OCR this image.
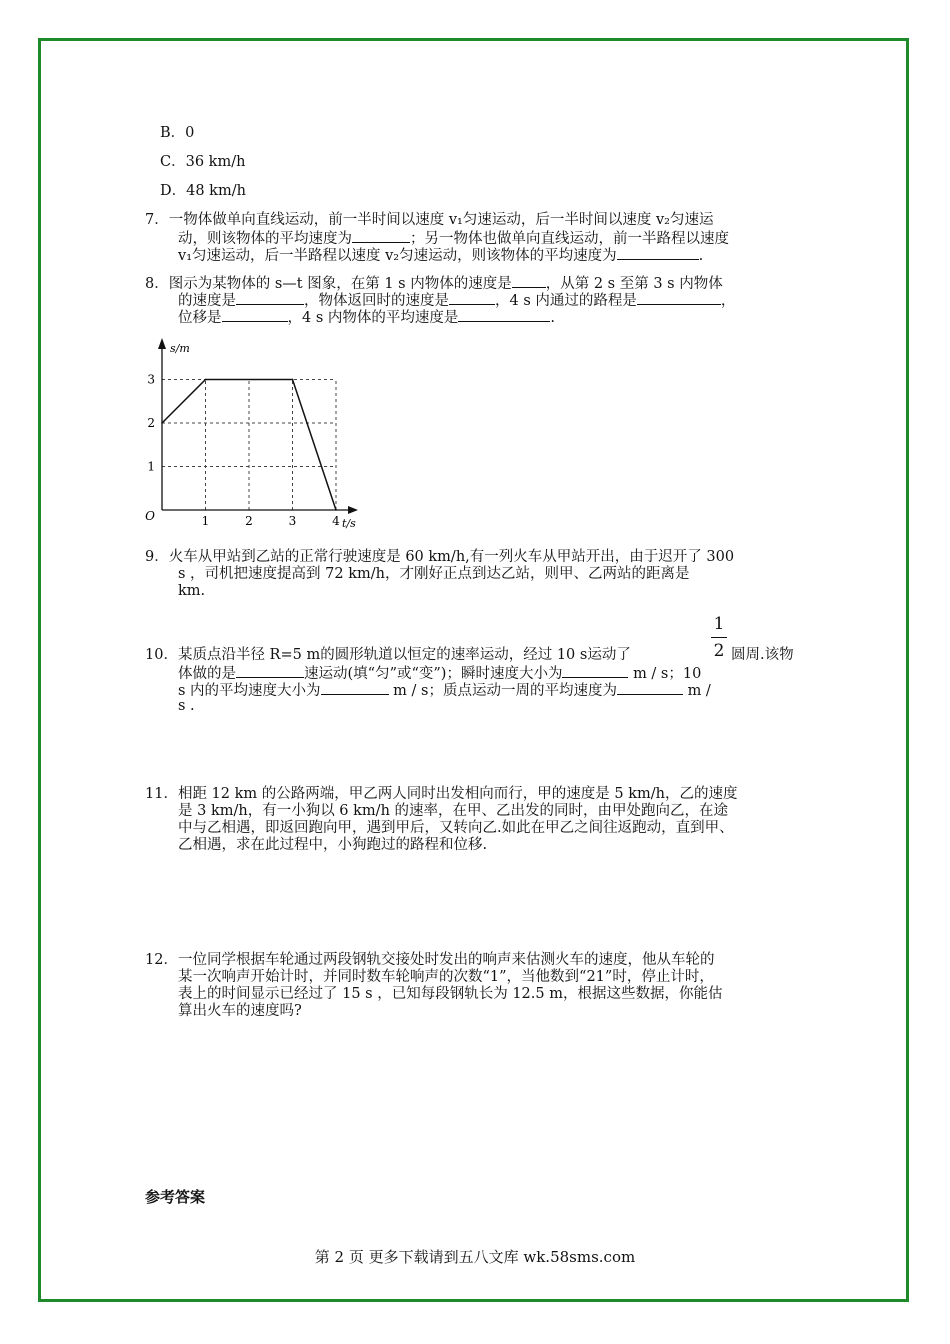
B．0
C．36 km/h
D．48 km/h
7．一物体做单向直线运动，前一半时间以速度 v₁匀速运动，后一半时间以速度 v₂匀速运
动，则该物体的平均速度为	；另一物体也做单向直线运动，前一半路程以速度
v₁匀速运动，后一半路程以速度 v₂匀速运动，则该物体的平均速度为	.
8．图示为某物体的 s—t 图象，在第 1 s 内物体的速度是 ，从第 2 s 至第 3 s 内物体
的速度是	，物体返回时的速度是	，4 s 内通过的路程是	，
位移是	，4 s 内物体的平均速度是	.
1	2	3	4
1
2
3
O
s/m
t/s
9．火车从甲站到乙站的正常行驶速度是 60 km/h,有一列火车从甲站开出，由于迟开了 300
s ，司机把速度提高到 72 km/h，才刚好正点到达乙站，则甲、乙两站的距离是
km.
1
2
10．某质点沿半径 R=5 m的圆形轨道以恒定的速率运动，经过 10 s运动了	圆周.该物
体做的是	速运动(填“匀”或“变”)；瞬时速度大小为	m / s；10
s 内的平均速度大小为	m / s；质点运动一周的平均速度为	m /
s .
11．相距 12 km 的公路两端，甲乙两人同时出发相向而行，甲的速度是 5 km/h，乙的速度
是 3 km/h，有一小狗以 6 km/h 的速率，在甲、乙出发的同时，由甲处跑向乙，在途
中与乙相遇，即返回跑向甲，遇到甲后，又转向乙.如此在甲乙之间往返跑动，直到甲、
乙相遇，求在此过程中，小狗跑过的路程和位移.
12．一位同学根据车轮通过两段钢轨交接处时发出的响声来估测火车的速度，他从车轮的
某一次响声开始计时，并同时数车轮响声的次数“1”，当他数到“21”时，停止计时，
表上的时间显示已经过了 15 s ，已知每段钢轨长为 12.5 m，根据这些数据，你能估
算出火车的速度吗?
参考答案
第 2 页 更多下载请到五八文库 wk.58sms.com
